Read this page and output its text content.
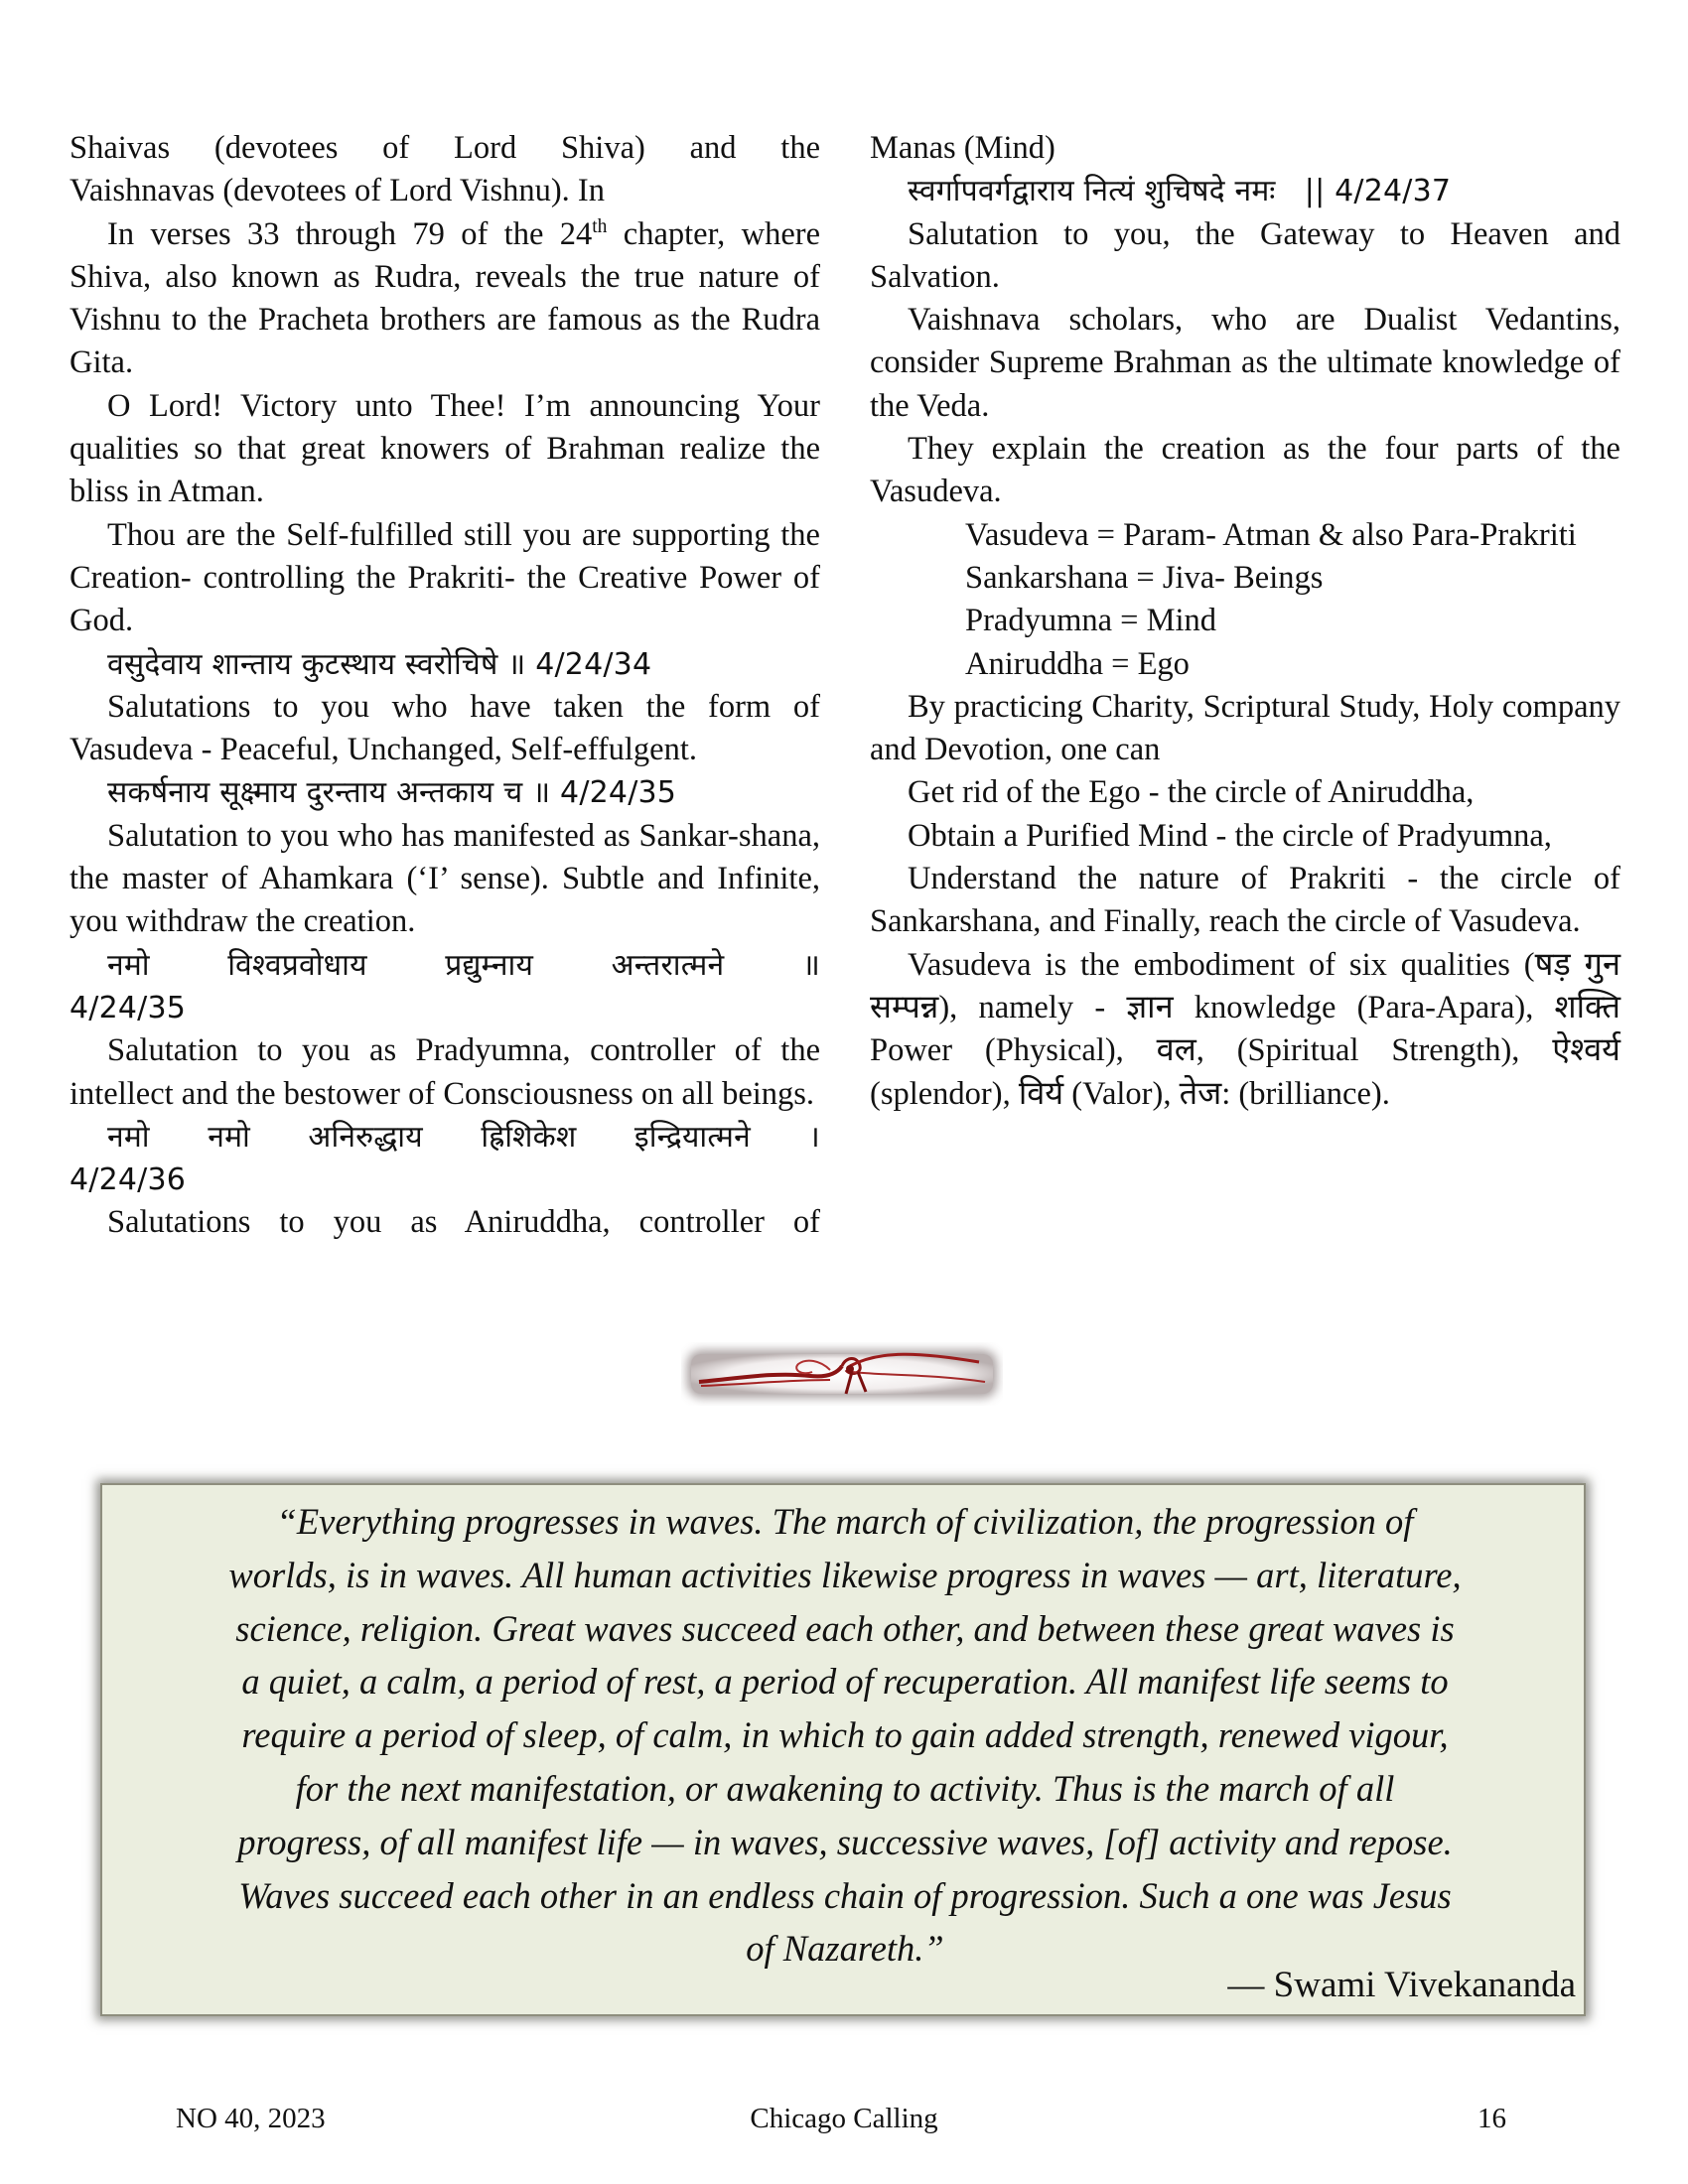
Shaivas (devotees of Lord Shiva) and the

Vaishnavas (devotees of Lord Vishnu). In

In verses 33 through 79 of the 24th chapter, where Shiva, also known as Rudra, reveals the true nature of Vishnu to the Pracheta brothers are famous as the Rudra Gita.

O Lord! Victory unto Thee! I’m announcing Your qualities so that great knowers of Brahman realize the bliss in Atman.

Thou are the Self-fulfilled still you are supporting the Creation- controlling the Prakriti- the Creative Power of God.

वसुदेवाय शान्ताय कुटस्थाय स्वरोचिषे ॥ 4/24/34

Salutations to you who have taken the form of Vasudeva - Peaceful, Unchanged, Self-effulgent.

सकर्षनाय सूक्ष्माय दुरन्ताय अन्तकाय च ॥ 4/24/35

Salutation to you who has manifested as Sankar-shana, the master of Ahamkara (‘I’ sense). Subtle and Infinite, you withdraw the creation.

नमो विश्वप्रवोधाय प्रद्युम्नाय अन्तरात्मने ॥

4/24/35

Salutation to you as Pradyumna, controller of the intellect and the bestower of Consciousness on all beings.

नमो नमो अनिरुद्धाय ह्रिशिकेश इन्द्रियात्मने ।

4/24/36

Salutations to you as Aniruddha, controller of

Manas (Mind)

स्वर्गापवर्गद्वाराय नित्यं शुचिषदे नमः   || 4/24/37

Salutation to you, the Gateway to Heaven and Salvation.

Vaishnava scholars, who are Dualist Vedantins, consider Supreme Brahman as the ultimate knowledge of the Veda.

They explain the creation as the four parts of the Vasudeva.

Vasudeva = Param- Atman & also Para-Prakriti

Sankarshana = Jiva- Beings

Pradyumna = Mind

Aniruddha = Ego

By practicing Charity, Scriptural Study, Holy company and Devotion, one can

Get rid of the Ego - the circle of Aniruddha,

Obtain a Purified Mind - the circle of Pradyumna,

Understand the nature of Prakriti - the circle of Sankarshana, and Finally, reach the circle of Vasudeva.

Vasudeva is the embodiment of six qualities (षड़ गुन सम्पन्न), namely - ज्ञान knowledge (Para-Apara), शक्ति Power (Physical), वल, (Spiritual Strength), ऐश्वर्य (splendor), विर्य (Valor), तेज: (brilliance).

“Everything progresses in waves. The march of civilization, the progression of
worlds, is in waves. All human activities likewise progress in waves — art, literature,
science, religion. Great waves succeed each other, and between these great waves is
a quiet, a calm, a period of rest, a period of recuperation. All manifest life seems to
require a period of sleep, of calm, in which to gain added strength, renewed vigour,
for the next manifestation, or awakening to activity. Thus is the march of all
progress, of all manifest life — in waves, successive waves, [of] activity and repose.
Waves succeed each other in an endless chain of progression. Such a one was Jesus
of Nazareth.”
— Swami Vivekananda
NO 40, 2023	Chicago Calling	16
